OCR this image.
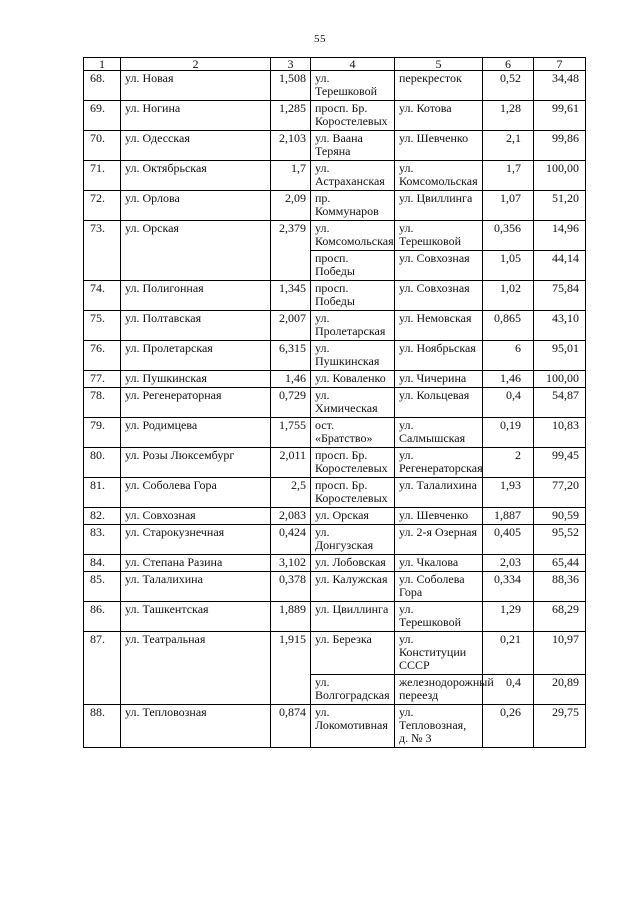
55
1	2	3	4	5	6	7
68.	ул. Новая	1,508	ул. Терешковой	перекресток	0,52	34,48
69.	ул. Ногина	1,285	просп. Бр. Коростелевых	ул. Котова	1,28	99,61
70.	ул. Одесская	2,103	ул. Ваана Теряна	ул. Шевченко	2,1	99,86
71.	ул. Октябрьская	1,7	ул. Астраханская	ул. Комсомольская	1,7	100,00
72.	ул. Орлова	2,09	пр. Коммунаров	ул. Цвиллинга	1,07	51,20
73.	ул. Орская	2,379	ул. Комсомольская	ул. Терешковой	0,356	14,96
			просп. Победы	ул. Совхозная	1,05	44,14
74.	ул. Полигонная	1,345	просп. Победы	ул. Совхозная	1,02	75,84
75.	ул. Полтавская	2,007	ул. Пролетарская	ул. Немовская	0,865	43,10
76.	ул. Пролетарская	6,315	ул. Пушкинская	ул. Ноябрьская	6	95,01
77.	ул. Пушкинская	1,46	ул. Коваленко	ул. Чичерина	1,46	100,00
78.	ул. Регенераторная	0,729	ул. Химическая	ул. Кольцевая	0,4	54,87
79.	ул. Родимцева	1,755	ост. «Братство»	ул. Салмышская	0,19	10,83
80.	ул. Розы Люксембург	2,011	просп. Бр. Коростелевых	ул. Регенераторская	2	99,45
81.	ул. Соболева Гора	2,5	просп. Бр. Коростелевых	ул. Талалихина	1,93	77,20
82.	ул. Совхозная	2,083	ул. Орская	ул. Шевченко	1,887	90,59
83.	ул. Старокузнечная	0,424	ул. Донгузская	ул. 2-я Озерная	0,405	95,52
84.	ул. Степана Разина	3,102	ул. Лобовская	ул. Чкалова	2,03	65,44
85.	ул. Талалихина	0,378	ул. Калужская	ул. Соболева Гора	0,334	88,36
86.	ул. Ташкентская	1,889	ул. Цвиллинга	ул. Терешковой	1,29	68,29
87.	ул. Театральная	1,915	ул. Березка	ул. Конституции СССР	0,21	10,97
			ул. Волгоградская	железнодорожный переезд	0,4	20,89
88.	ул. Тепловозная	0,874	ул. Локомотивная	ул. Тепловозная, д. № 3	0,26	29,75
